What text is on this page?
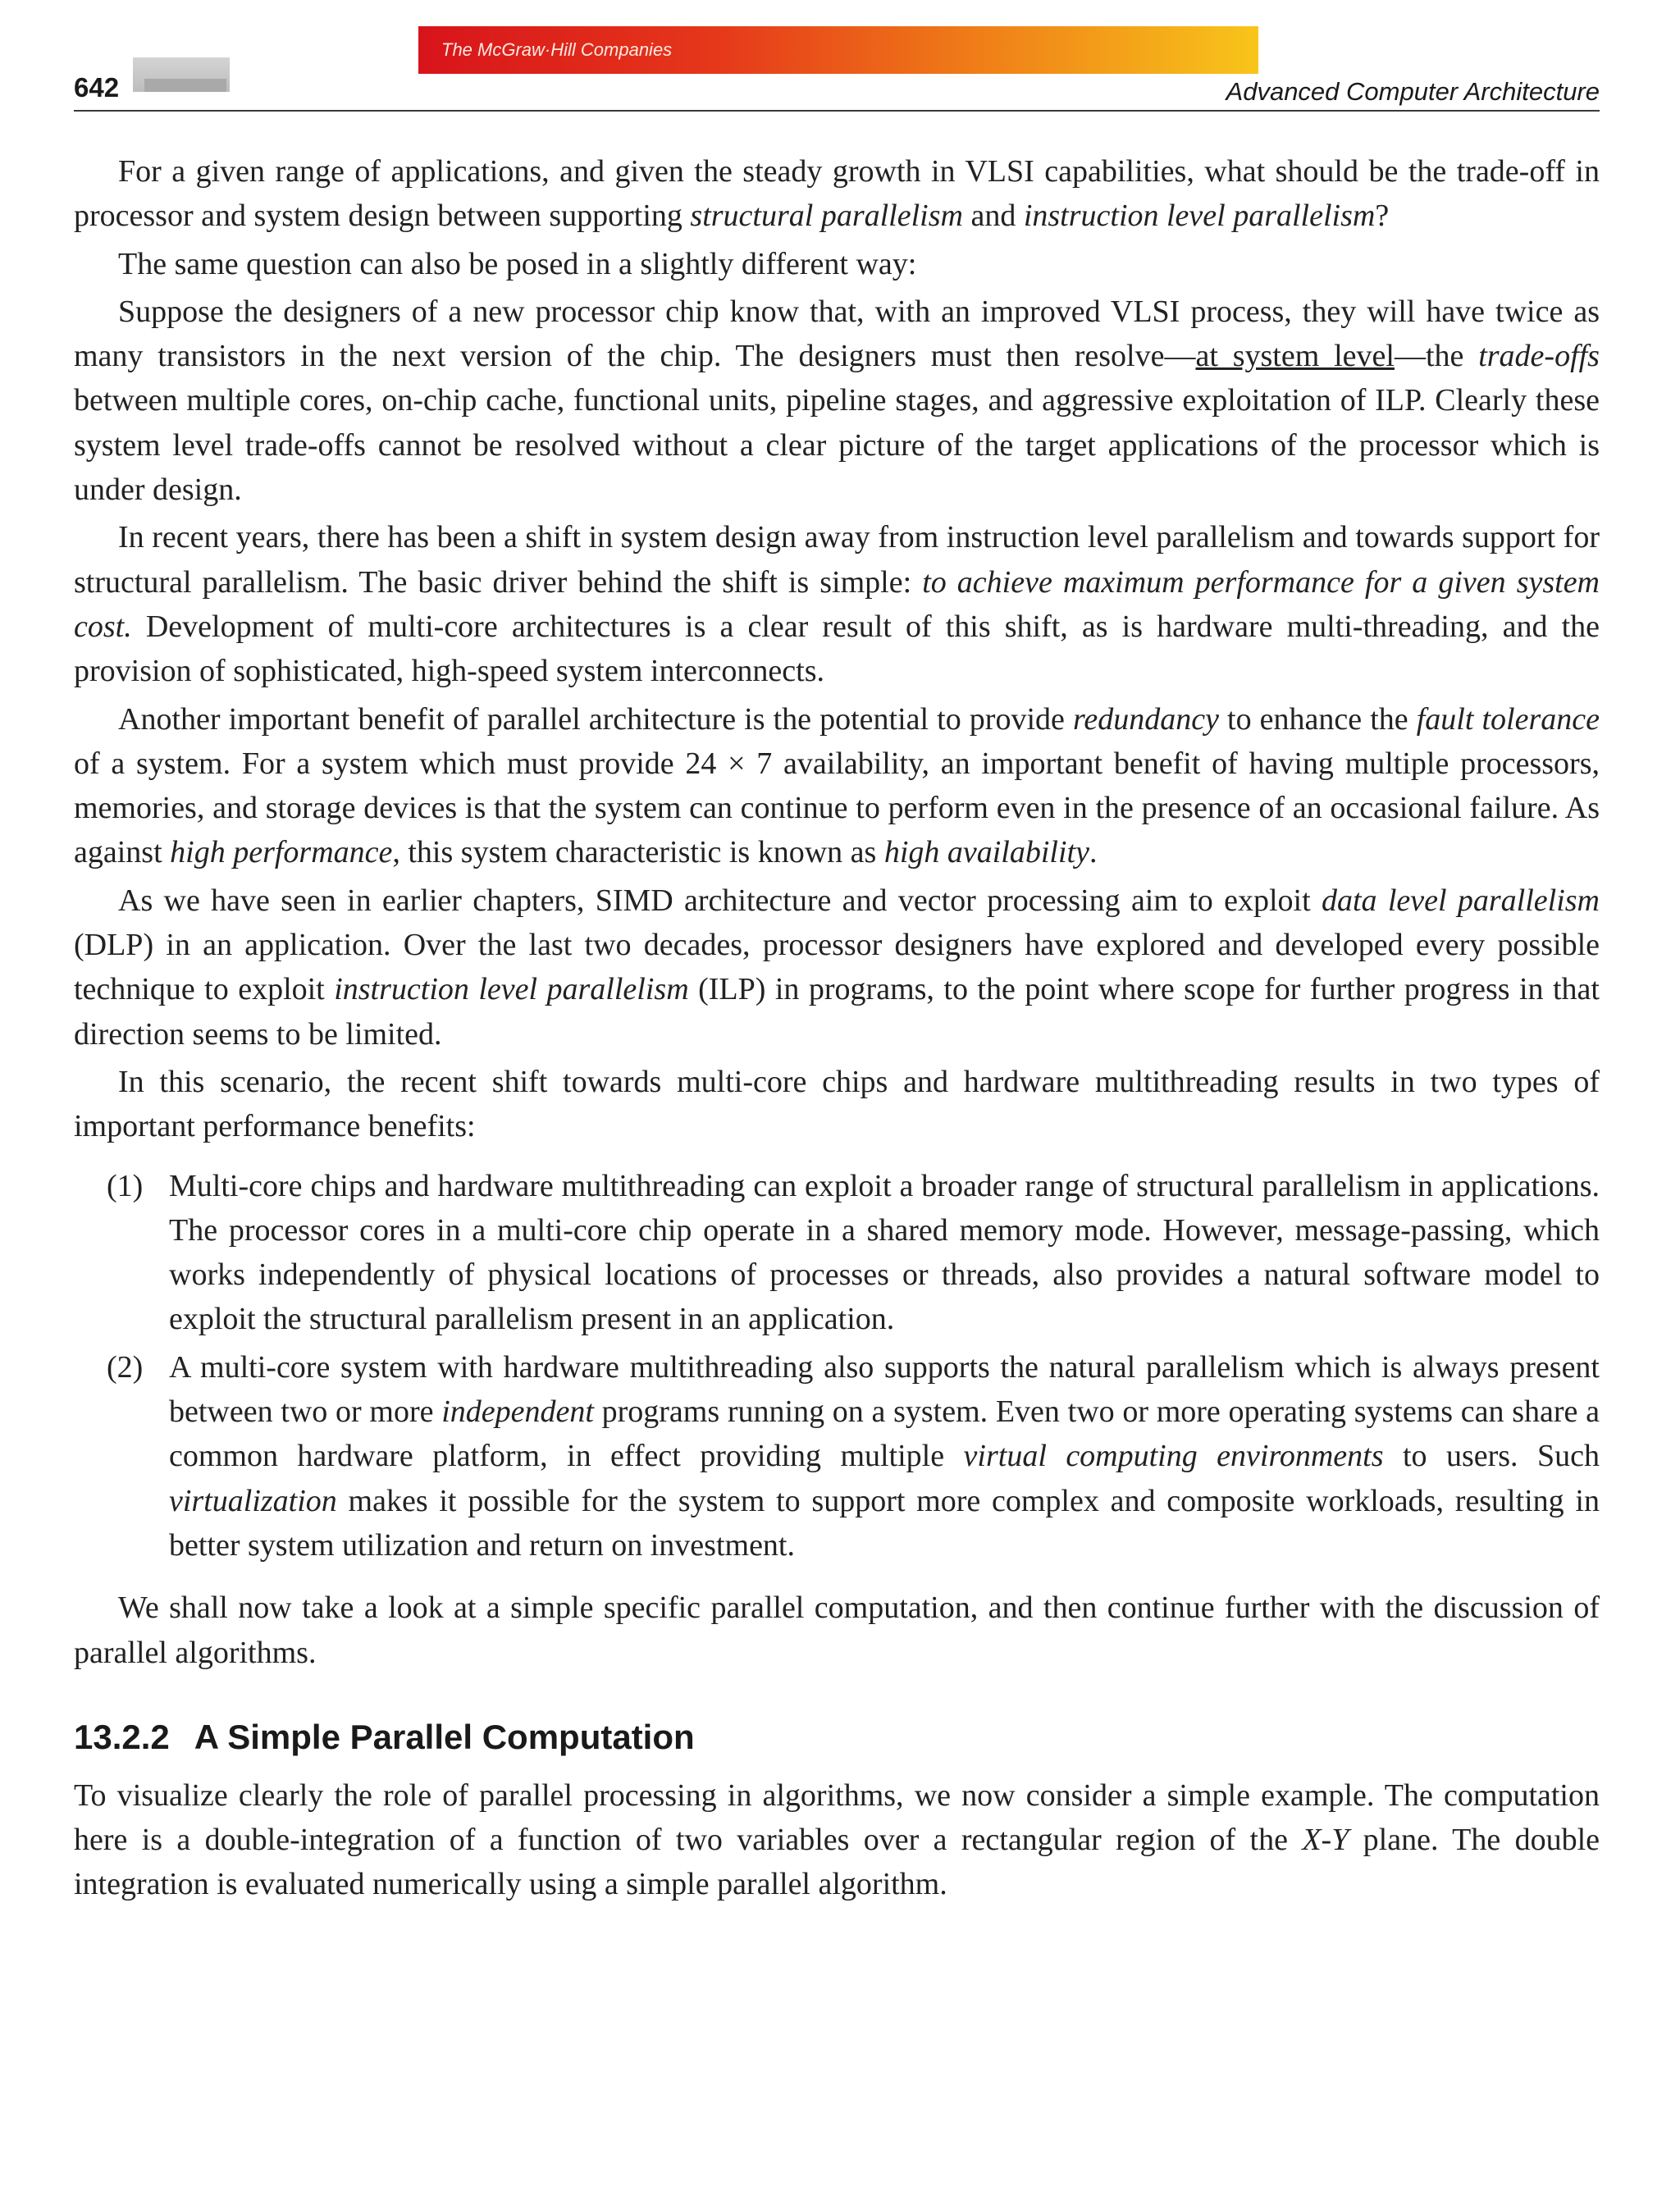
642
The McGraw·Hill Companies
Advanced Computer Architecture

For a given range of applications, and given the steady growth in VLSI capabilities, what should be the trade-off in processor and system design between supporting structural parallelism and instruction level parallelism?

The same question can also be posed in a slightly different way:

Suppose the designers of a new processor chip know that, with an improved VLSI process, they will have twice as many transistors in the next version of the chip. The designers must then resolve—at system level—the trade-offs between multiple cores, on-chip cache, functional units, pipeline stages, and aggressive exploitation of ILP. Clearly these system level trade-offs cannot be resolved without a clear picture of the target applications of the processor which is under design.

In recent years, there has been a shift in system design away from instruction level parallelism and towards support for structural parallelism. The basic driver behind the shift is simple: to achieve maximum performance for a given system cost. Development of multi-core architectures is a clear result of this shift, as is hardware multi-threading, and the provision of sophisticated, high-speed system interconnects.

Another important benefit of parallel architecture is the potential to provide redundancy to enhance the fault tolerance of a system. For a system which must provide 24 × 7 availability, an important benefit of having multiple processors, memories, and storage devices is that the system can continue to perform even in the presence of an occasional failure. As against high performance, this system characteristic is known as high availability.

As we have seen in earlier chapters, SIMD architecture and vector processing aim to exploit data level parallelism (DLP) in an application. Over the last two decades, processor designers have explored and developed every possible technique to exploit instruction level parallelism (ILP) in programs, to the point where scope for further progress in that direction seems to be limited.

In this scenario, the recent shift towards multi-core chips and hardware multithreading results in two types of important performance benefits:

(1) Multi-core chips and hardware multithreading can exploit a broader range of structural parallelism in applications. The processor cores in a multi-core chip operate in a shared memory mode. However, message-passing, which works independently of physical locations of processes or threads, also provides a natural software model to exploit the structural parallelism present in an application.
(2) A multi-core system with hardware multithreading also supports the natural parallelism which is always present between two or more independent programs running on a system. Even two or more operating systems can share a common hardware platform, in effect providing multiple virtual computing environments to users. Such virtualization makes it possible for the system to support more complex and composite workloads, resulting in better system utilization and return on investment.

We shall now take a look at a simple specific parallel computation, and then continue further with the discussion of parallel algorithms.

13.2.2 A Simple Parallel Computation

To visualize clearly the role of parallel processing in algorithms, we now consider a simple example. The computation here is a double-integration of a function of two variables over a rectangular region of the X-Y plane. The double integration is evaluated numerically using a simple parallel algorithm.
